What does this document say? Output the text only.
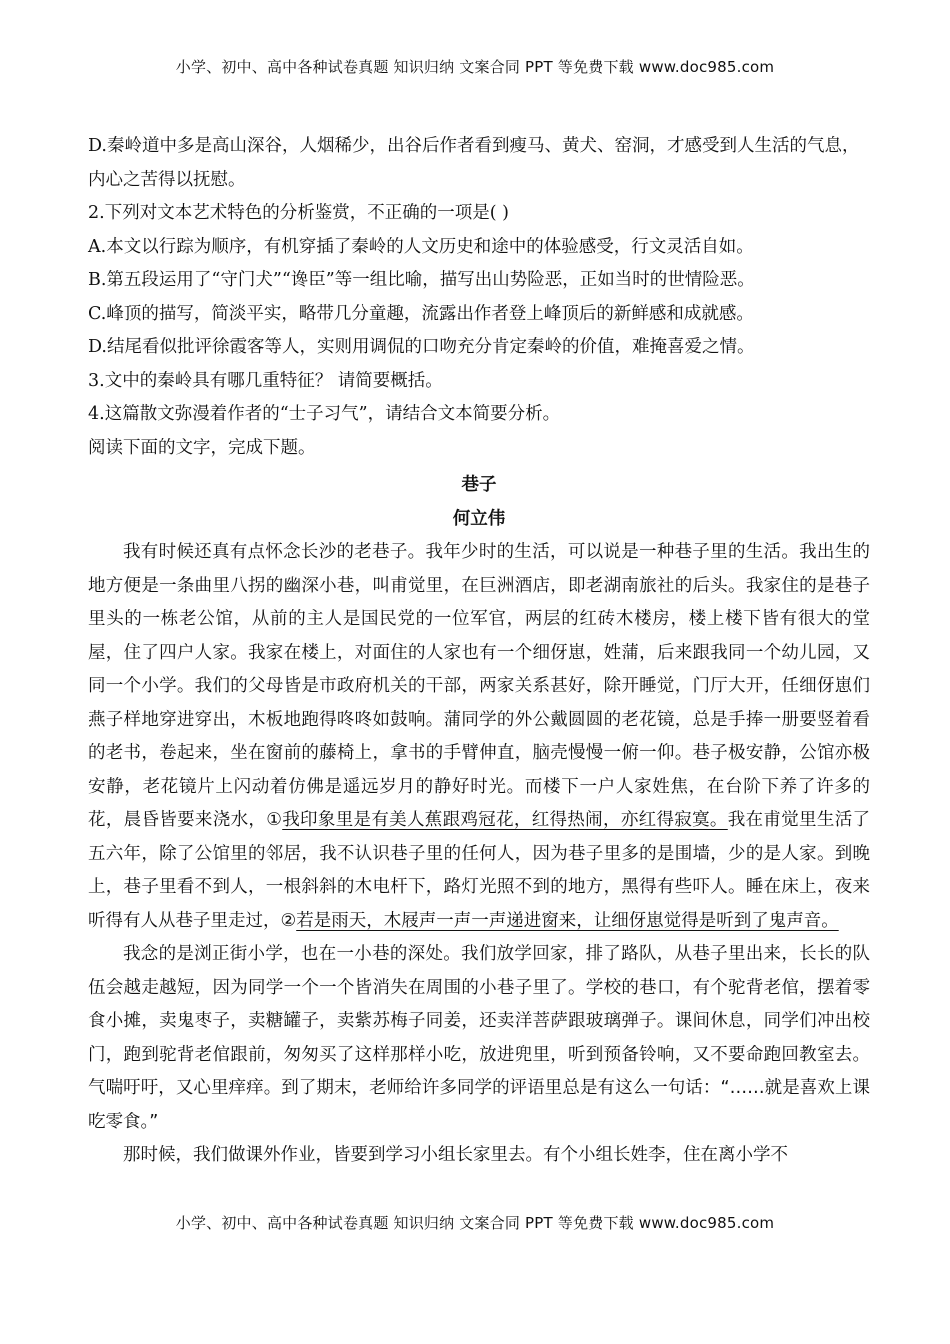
小学、初中、高中各种试卷真题 知识归纳 文案合同 PPT 等免费下载 www.doc985.com
D.秦岭道中多是高山深谷，人烟稀少，出谷后作者看到瘦马、黄犬、窑洞，才感受到人生活的气息，内心之苦得以抚慰。
2.下列对文本艺术特色的分析鉴赏，不正确的一项是( )
A.本文以行踪为顺序，有机穿插了秦岭的人文历史和途中的体验感受，行文灵活自如。
B.第五段运用了“守门犬”“谗臣”等一组比喻，描写出山势险恶，正如当时的世情险恶。
C.峰顶的描写，简淡平实，略带几分童趣，流露出作者登上峰顶后的新鲜感和成就感。
D.结尾看似批评徐霞客等人，实则用调侃的口吻充分肯定秦岭的价值，难掩喜爱之情。
3.文中的秦岭具有哪几重特征？ 请简要概括。
4.这篇散文弥漫着作者的“士子习气”，请结合文本简要分析。
阅读下面的文字，完成下题。
巷子
何立伟

我有时候还真有点怀念长沙的老巷子。我年少时的生活，可以说是一种巷子里的生活。我出生的地方便是一条曲里八拐的幽深小巷，叫甫觉里，在巨洲酒店，即老湖南旅社的后头。我家住的是巷子里头的一栋老公馆，从前的主人是国民党的一位军官，两层的红砖木楼房，楼上楼下皆有很大的堂屋，住了四户人家。我家在楼上，对面住的人家也有一个细伢崽，姓蒲，后来跟我同一个幼儿园，又同一个小学。我们的父母皆是市政府机关的干部，两家关系甚好，除开睡觉，门厅大开，任细伢崽们燕子样地穿进穿出，木板地跑得咚咚如鼓响。蒲同学的外公戴圆圆的老花镜，总是手捧一册要竖着看的老书，卷起来，坐在窗前的藤椅上，拿书的手臂伸直，脑壳慢慢一俯一仰。巷子极安静，公馆亦极安静，老花镜片上闪动着仿佛是遥远岁月的静好时光。而楼下一户人家姓焦，在台阶下养了许多的花，晨昏皆要来浇水，①我印象里是有美人蕉跟鸡冠花，红得热闹，亦红得寂寞。我在甫觉里生活了五六年，除了公馆里的邻居，我不认识巷子里的任何人，因为巷子里多的是围墙，少的是人家。到晚上，巷子里看不到人，一根斜斜的木电杆下，路灯光照不到的地方，黑得有些吓人。睡在床上，夜来听得有人从巷子里走过，②若是雨天，木屐声一声一声递进窗来，让细伢崽觉得是听到了鬼声音。

我念的是浏正街小学，也在一小巷的深处。我们放学回家，排了路队，从巷子里出来，长长的队伍会越走越短，因为同学一个一个皆消失在周围的小巷子里了。学校的巷口，有个驼背老倌，摆着零食小摊，卖鬼枣子，卖糖罐子，卖紫苏梅子同姜，还卖洋菩萨跟玻璃弹子。课间休息，同学们冲出校门，跑到驼背老倌跟前，匆匆买了这样那样小吃，放进兜里，听到预备铃响，又不要命跑回教室去。气喘吁吁，又心里痒痒。到了期末，老师给许多同学的评语里总是有这么一句话：“……就是喜欢上课吃零食。”

那时候，我们做课外作业，皆要到学习小组长家里去。有个小组长姓李，住在离小学不

小学、初中、高中各种试卷真题 知识归纳 文案合同 PPT 等免费下载 www.doc985.com
